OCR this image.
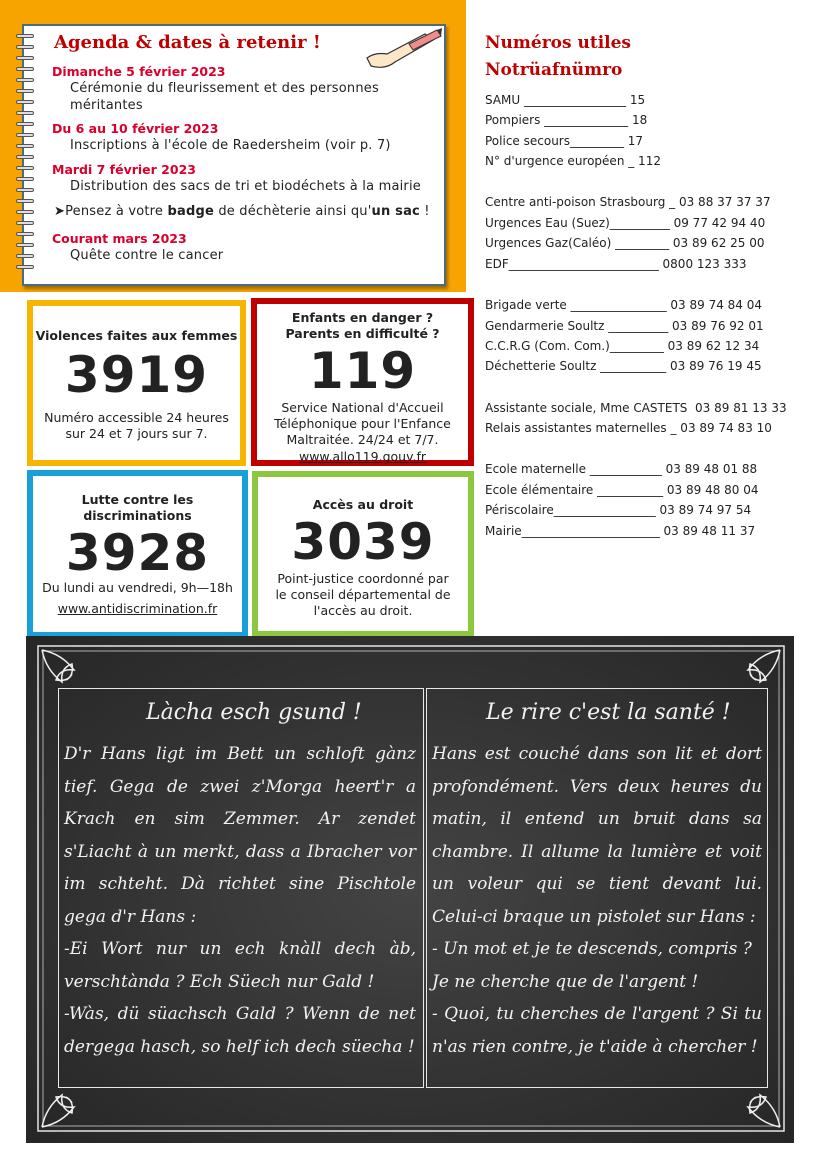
Agenda & dates à retenir !
Dimanche 5 février 2023
Cérémonie du fleurissement et des personnes
méritantes
Du 6 au 10 février 2023
Inscriptions à l'école de Raedersheim (voir p. 7)
Mardi 7 février 2023
Distribution des sacs de tri et biodéchets à la mairie
➤Pensez à votre badge de déchèterie ainsi qu'un sac !
Courant mars 2023
Quête contre le cancer
Numéros utiles
Notrüafnümro
SAMU _________________ 15
Pompiers ______________ 18
Police secours_________ 17
N° d'urgence européen _ 112
Centre anti-poison Strasbourg _ 03 88 37 37 37
Urgences Eau (Suez)__________ 09 77 42 94 40
Urgences Gaz(Caléo) _________ 03 89 62 25 00
EDF_________________________ 0800 123 333
Brigade verte ________________ 03 89 74 84 04
Gendarmerie Soultz __________ 03 89 76 92 01
C.C.R.G (Com. Com.)_________ 03 89 62 12 34
Déchetterie Soultz ___________ 03 89 76 19 45
Assistante sociale, Mme CASTETS  03 89 81 13 33
Relais assistantes maternelles _ 03 89 74 83 10
Ecole maternelle ____________ 03 89 48 01 88
Ecole élémentaire ___________ 03 89 48 80 04
Périscolaire_________________ 03 89 74 97 54
Mairie_______________________ 03 89 48 11 37
Violences faites aux femmes
3919
Numéro accessible 24 heures
sur 24 et 7 jours sur 7.
Enfants en danger ?
Parents en difficulté ?
119
Service National d'Accueil
Téléphonique pour l'Enfance
Maltraitée. 24/24 et 7/7.
www.allo119.gouv.fr
Lutte contre les
discriminations
3928
Du lundi au vendredi, 9h—18h
www.antidiscrimination.fr
Accès au droit
3039
Point-justice coordonné par
le conseil départemental de
l'accès au droit.
Làcha esch gsund !
D'r Hans ligt im Bett un schloft gànz tief. Gega de zwei z'Morga heert'r a Krach en sim Zemmer. Ar zendet s'Liacht à un merkt, dass a Ibracher vor im schteht. Dà richtet sine Pischtole gega d'r Hans :
-Ei Wort nur un ech knàll dech àb, verschtànda ? Ech Süech nur Gald !
-Wàs, dü süachsch Gald ? Wenn de net dergega hasch, so helf ich dech süecha !
Le rire c'est la santé !
Hans est couché dans son lit et dort profondément. Vers deux heures du matin, il entend un bruit dans sa chambre. Il allume la lumière et voit un voleur qui se tient devant lui. Celui-ci braque un pistolet sur Hans :
- Un mot et je te descends, compris ?
Je ne cherche que de l'argent !
- Quoi, tu cherches de l'argent ? Si tu n'as rien contre, je t'aide à chercher !
